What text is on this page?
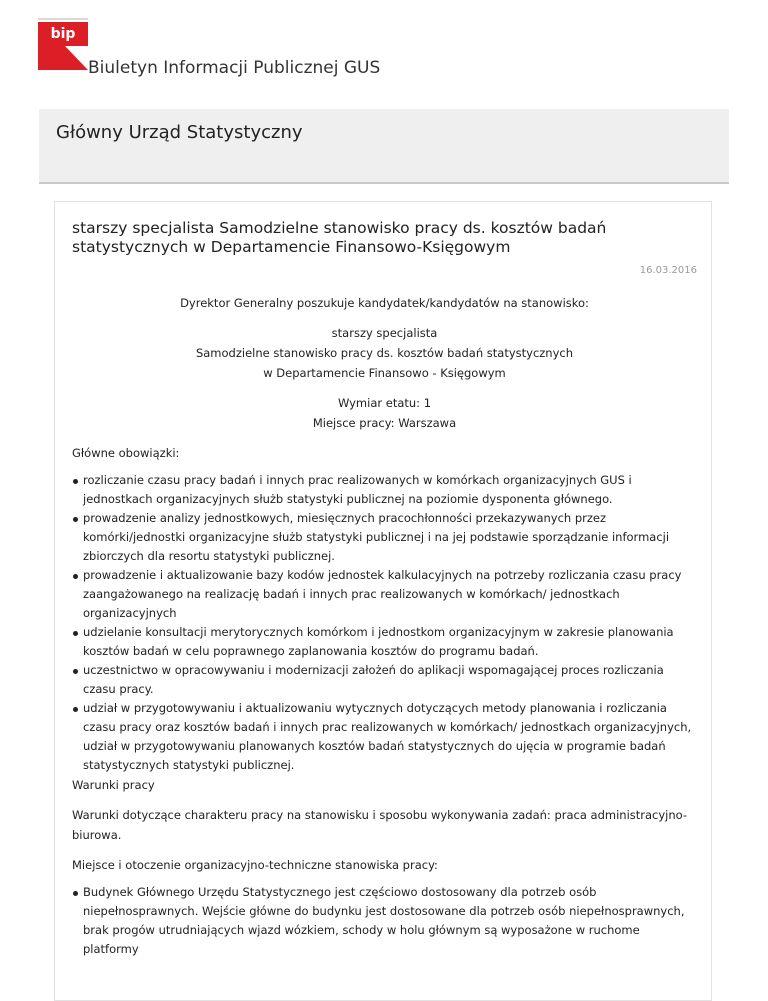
bip
Biuletyn Informacji Publicznej GUS
Główny Urząd Statystyczny
starszy specjalista Samodzielne stanowisko pracy ds. kosztów badań statystycznych w Departamencie Finansowo-Księgowym
16.03.2016

Dyrektor Generalny poszukuje kandydatek/kandydatów na stanowisko:

starszy specjalista

Samodzielne stanowisko pracy ds. kosztów badań statystycznych

w Departamencie Finansowo - Księgowym

Wymiar etatu: 1

Miejsce pracy: Warszawa

Główne obowiązki:

rozliczanie czasu pracy badań i innych prac realizowanych w komórkach organizacyjnych GUS i jednostkach organizacyjnych służb statystyki publicznej na poziomie dysponenta głównego.
prowadzenie analizy jednostkowych, miesięcznych pracochłonności przekazywanych przez komórki/jednostki organizacyjne służb statystyki publicznej i na jej podstawie sporządzanie informacji zbiorczych dla resortu statystyki publicznej.
prowadzenie i aktualizowanie bazy kodów jednostek kalkulacyjnych na potrzeby rozliczania czasu pracy zaangażowanego na realizację badań i innych prac realizowanych w komórkach/ jednostkach organizacyjnych
udzielanie konsultacji merytorycznych komórkom i jednostkom organizacyjnym w zakresie planowania kosztów badań w celu poprawnego zaplanowania kosztów do programu badań.
uczestnictwo w opracowywaniu i modernizacji założeń do aplikacji wspomagającej proces rozliczania czasu pracy.
udział w przygotowywaniu i aktualizowaniu wytycznych dotyczących metody planowania i rozliczania czasu pracy oraz kosztów badań i innych prac realizowanych w komórkach/ jednostkach organizacyjnych, udział w przygotowywaniu planowanych kosztów badań statystycznych do ujęcia w programie badań statystycznych statystyki publicznej.

Warunki pracy

Warunki dotyczące charakteru pracy na stanowisku i sposobu wykonywania zadań: praca administracyjno-biurowa.

Miejsce i otoczenie organizacyjno-techniczne stanowiska pracy:

Budynek Głównego Urzędu Statystycznego jest częściowo dostosowany dla potrzeb osób niepełnosprawnych. Wejście główne do budynku jest dostosowane dla potrzeb osób niepełnosprawnych, brak progów utrudniających wjazd wózkiem, schody w holu głównym są wyposażone w ruchome platformy
